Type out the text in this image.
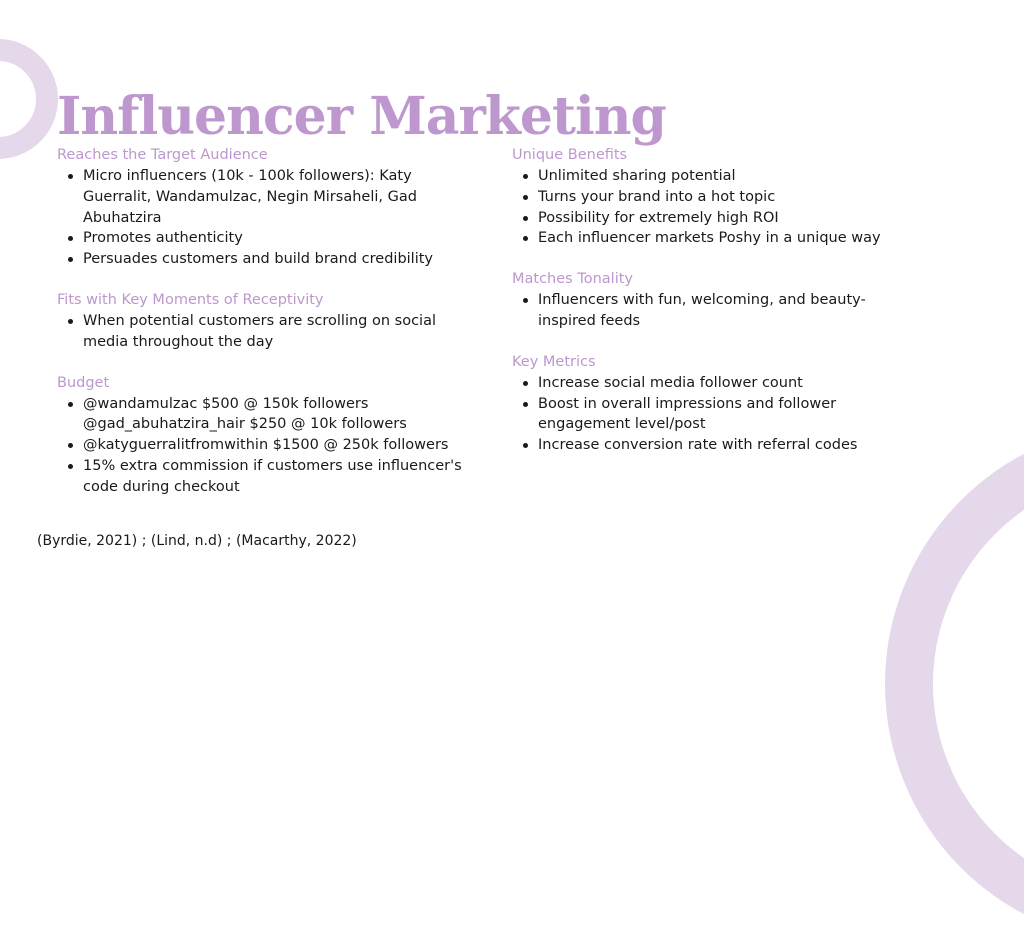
Influencer Marketing

Reaches the Target Audience

Micro influencers (10k - 100k followers): Katy Guerralit, Wandamulzac, Negin Mirsaheli, Gad Abuhatzira
Promotes authenticity
Persuades customers and build brand credibility

Fits with Key Moments of Receptivity

When potential customers are scrolling on social media throughout the day

Budget

@wandamulzac $500 @ 150k followers
@gad_abuhatzira_hair $250 @ 10k followers
@katyguerralitfromwithin $1500 @ 250k followers
15% extra commission if customers use influencer's code during checkout

Unique Benefits

Unlimited sharing potential
Turns your brand into a hot topic
Possibility for extremely high ROI
Each influencer markets Poshy in a unique way

Matches Tonality

Influencers with fun, welcoming, and beauty-inspired feeds

Key Metrics

Increase social media follower count
Boost in overall impressions and follower engagement level/post
Increase conversion rate with referral codes
(Byrdie, 2021) ; (Lind, n.d) ; (Macarthy, 2022)
